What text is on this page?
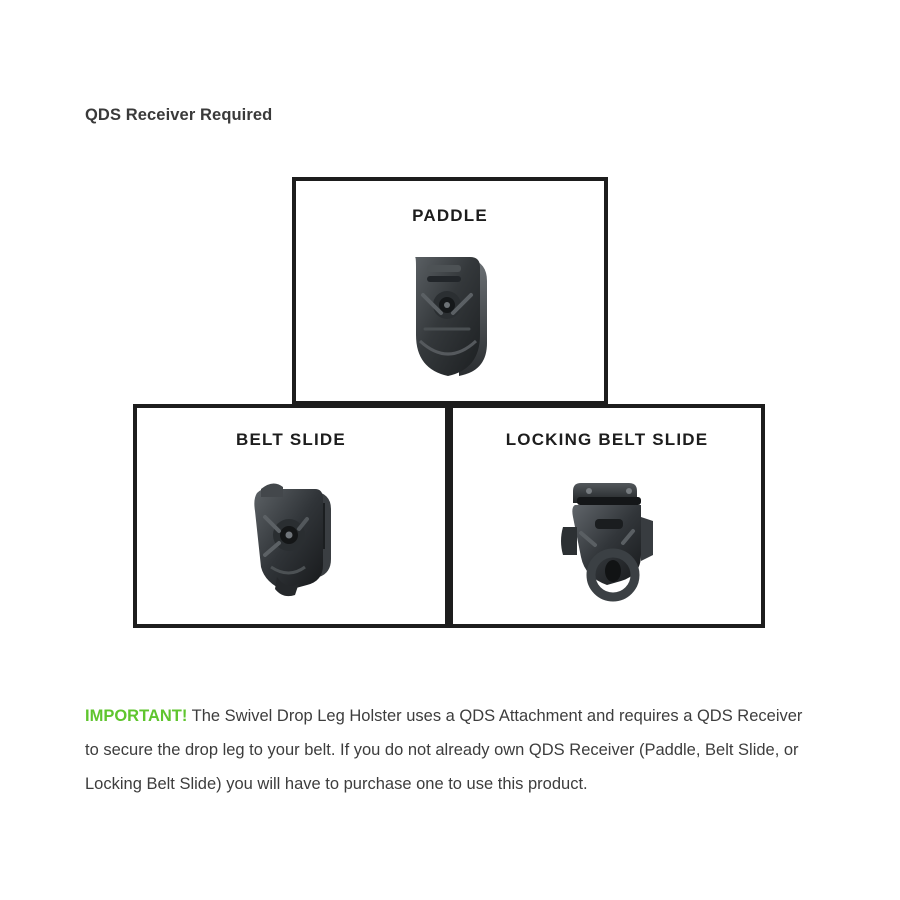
QDS Receiver Required
PADDLE
BELT SLIDE	LOCKING BELT SLIDE

IMPORTANT! The Swivel Drop Leg Holster uses a QDS Attachment and requires a QDS Receiver to secure the drop leg to your belt. If you do not already own QDS Receiver (Paddle, Belt Slide, or Locking Belt Slide) you will have to purchase one to use this product.
